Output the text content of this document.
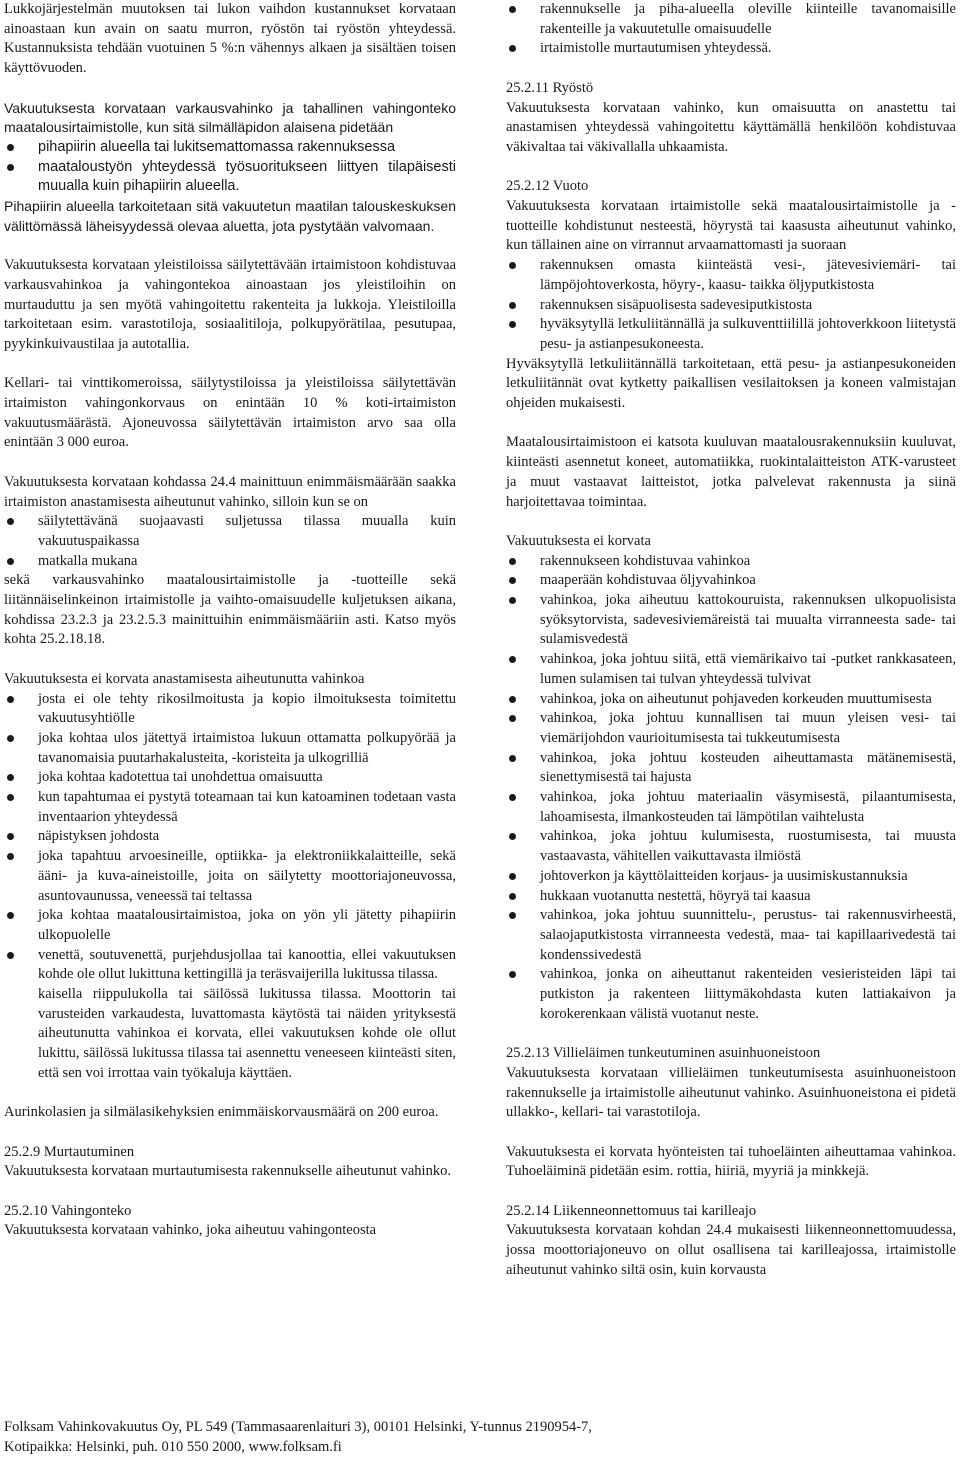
Lukkojärjestelmän muutoksen tai lukon vaihdon kustannukset korvataan ainoastaan kun avain on saatu murron, ryöstön tai ryöstön yhteydessä. Kustannuksista tehdään vuotuinen 5 %:n vähennys alkaen ja sisältäen toisen käyttövuoden.

Vakuutuksesta korvataan varkausvahinko ja tahallinen vahingonteko maatalousirtaimistolle, kun sitä silmälläpidon alaisena pidetään

pihapiirin alueella tai lukitsemattomassa rakennuksessa
maataloustyön yhteydessä työsuoritukseen liittyen tilapäisesti muualla kuin pihapiirin alueella.

Pihapiirin alueella tarkoitetaan sitä vakuutetun maatilan talouskeskuksen välittömässä läheisyydessä olevaa aluetta, jota pystytään valvomaan.

Vakuutuksesta korvataan yleistiloissa säilytettävään irtaimistoon kohdistuvaa varkausvahinkoa ja vahingontekoa ainoastaan jos yleistiloihin on murtauduttu ja sen myötä vahingoitettu rakenteita ja lukkoja. Yleistiloilla tarkoitetaan esim. varastotiloja, sosiaalitiloja, polkupyörätilaa, pesutupaa, pyykinkuivaustilaa ja autotallia.

Kellari- tai vinttikomeroissa, säilytystiloissa ja yleistiloissa säilytettävän irtaimiston vahingonkorvaus on enintään 10 % koti-irtaimiston vakuutusmäärästä. Ajoneuvossa säilytettävän irtaimiston arvo saa olla enintään 3 000 euroa.

Vakuutuksesta korvataan kohdassa 24.4 mainittuun enimmäismäärään saakka irtaimiston anastamisesta aiheutunut vahinko, silloin kun se on

säilytettävänä suojaavasti suljetussa tilassa muualla kuin vakuutuspaikassa
matkalla mukana

sekä varkausvahinko maatalousirtaimistolle ja -tuotteille sekä liitännäiselinkeinon irtaimistolle ja vaihto-omaisuudelle kuljetuksen aikana, kohdissa 23.2.3 ja 23.2.5.3 mainittuihin enimmäismääriin asti. Katso myös kohta 25.2.18.18.

Vakuutuksesta ei korvata anastamisesta aiheutunutta vahinkoa

josta ei ole tehty rikosilmoitusta ja kopio ilmoituksesta toimitettu vakuutusyhtiölle
joka kohtaa ulos jätettyä irtaimistoa lukuun ottamatta polkupyörää ja tavanomaisia puutarhakalusteita, -koristeita ja ulkogrilliä
joka kohtaa kadotettua tai unohdettua omaisuutta
kun tapahtumaa ei pystytä toteamaan tai kun katoaminen todetaan vasta inventaarion yhteydessä
näpistyksen johdosta
joka tapahtuu arvoesineille, optiikka- ja elektroniikkalaitteille, sekä ääni- ja kuva-aineistoille, joita on säilytetty moottoriajoneuvossa, asuntovaunussa, veneessä tai teltassa
joka kohtaa maatalousirtaimistoa, joka on yön yli jätetty pihapiirin ulkopuolelle
venettä, soutuvenettä, purjehdusjollaa tai kanoottia, ellei vakuutuksen kohde ole ollut lukittuna kettingillä ja teräsvaijerilla lukitussa tilassa.

kaisella riippulukolla tai säilössä lukitussa tilassa. Moottorin tai varusteiden varkaudesta, luvattomasta käytöstä tai näiden yrityksestä aiheutunutta vahinkoa ei korvata, ellei vakuutuksen kohde ole ollut lukittu, säilössä lukitussa tilassa tai asennettu veneeseen kiinteästi siten, että sen voi irrottaa vain työkaluja käyttäen.

Aurinkolasien ja silmälasikehyksien enimmäiskorvausmäärä on 200 euroa.

25.2.9 Murtautuminen

Vakuutuksesta korvataan murtautumisesta rakennukselle aiheutunut vahinko.

25.2.10 Vahingonteko

Vakuutuksesta korvataan vahinko, joka aiheutuu vahingonteosta

rakennukselle ja piha-alueella oleville kiinteille tavanomaisille rakenteille ja vakuutetulle omaisuudelle
irtaimistolle murtautumisen yhteydessä.

25.2.11 Ryöstö

Vakuutuksesta korvataan vahinko, kun omaisuutta on anastettu tai anastamisen yhteydessä vahingoitettu käyttämällä henkilöön kohdistuvaa väkivaltaa tai väkivallalla uhkaamista.

25.2.12 Vuoto

Vakuutuksesta korvataan irtaimistolle sekä maatalousirtaimistolle ja -tuotteille kohdistunut nesteestä, höyrystä tai kaasusta aiheutunut vahinko, kun tällainen aine on virrannut arvaamattomasti ja suoraan

rakennuksen omasta kiinteästä vesi-, jätevesiviemäri- tai lämpöjohtoverkosta, höyry-, kaasu- taikka öljyputkistosta
rakennuksen sisäpuolisesta sadevesiputkistosta
hyväksytyllä letkuliitännällä ja sulkuventtiilillä johtoverkkoon liitetystä pesu- ja astianpesukoneesta.

Hyväksytyllä letkuliitännällä tarkoitetaan, että pesu- ja astianpesukoneiden letkuliitännät ovat kytketty paikallisen vesilaitoksen ja koneen valmistajan ohjeiden mukaisesti.

Maatalousirtaimistoon ei katsota kuuluvan maatalousrakennuksiin kuuluvat, kiinteästi asennetut koneet, automatiikka, ruokintalaitteiston ATK-varusteet ja muut vastaavat laitteistot, jotka palvelevat rakennusta ja siinä harjoitettavaa toimintaa.

Vakuutuksesta ei korvata

rakennukseen kohdistuvaa vahinkoa
maaperään kohdistuvaa öljyvahinkoa
vahinkoa, joka aiheutuu kattokouruista, rakennuksen ulkopuolisista syöksytorvista, sadevesiviemäreistä tai muualta virranneesta sade- tai sulamisvedestä
vahinkoa, joka johtuu siitä, että viemärikaivo tai -putket rankkasateen, lumen sulamisen tai tulvan yhteydessä tulvivat
vahinkoa, joka on aiheutunut pohjaveden korkeuden muuttumisesta
vahinkoa, joka johtuu kunnallisen tai muun yleisen vesi- tai viemärijohdon vaurioitumisesta tai tukkeutumisesta
vahinkoa, joka johtuu kosteuden aiheuttamasta mätänemisestä, sienettymisestä tai hajusta
vahinkoa, joka johtuu materiaalin väsymisestä, pilaantumisesta, lahoamisesta, ilmankosteuden tai lämpötilan vaihtelusta
vahinkoa, joka johtuu kulumisesta, ruostumisesta, tai muusta vastaavasta, vähitellen vaikuttavasta ilmiöstä
johtoverkon ja käyttölaitteiden korjaus- ja uusimiskustannuksia
hukkaan vuotanutta nestettä, höyryä tai kaasua
vahinkoa, joka johtuu suunnittelu-, perustus- tai rakennusvirheestä, salaojaputkistosta virranneesta vedestä, maa- tai kapillaarivedestä tai kondenssivedestä
vahinkoa, jonka on aiheuttanut rakenteiden vesieristeiden läpi tai putkiston ja rakenteen liittymäkohdasta kuten lattiakaivon ja korokerenkaan välistä vuotanut neste.

25.2.13 Villieläimen tunkeutuminen asuinhuoneistoon

Vakuutuksesta korvataan villieläimen tunkeutumisesta asuinhuoneistoon rakennukselle ja irtaimistolle aiheutunut vahinko. Asuinhuoneistona ei pidetä ullakko-, kellari- tai varastotiloja.

Vakuutuksesta ei korvata hyönteisten tai tuhoeläinten aiheuttamaa vahinkoa. Tuhoeläiminä pidetään esim. rottia, hiiriä, myyriä ja minkkejä.

25.2.14 Liikenneonnettomuus tai karilleajo

Vakuutuksesta korvataan kohdan 24.4 mukaisesti liikenneonnettomuudessa, jossa moottoriajoneuvo on ollut osallisena tai karilleajossa, irtaimistolle aiheutunut vahinko siltä osin, kuin korvausta

Folksam Vahinkovakuutus Oy, PL 549 (Tammasaarenlaituri 3), 00101 Helsinki, Y-tunnus 2190954-7,
Kotipaikka: Helsinki, puh. 010 550 2000, www.folksam.fi
